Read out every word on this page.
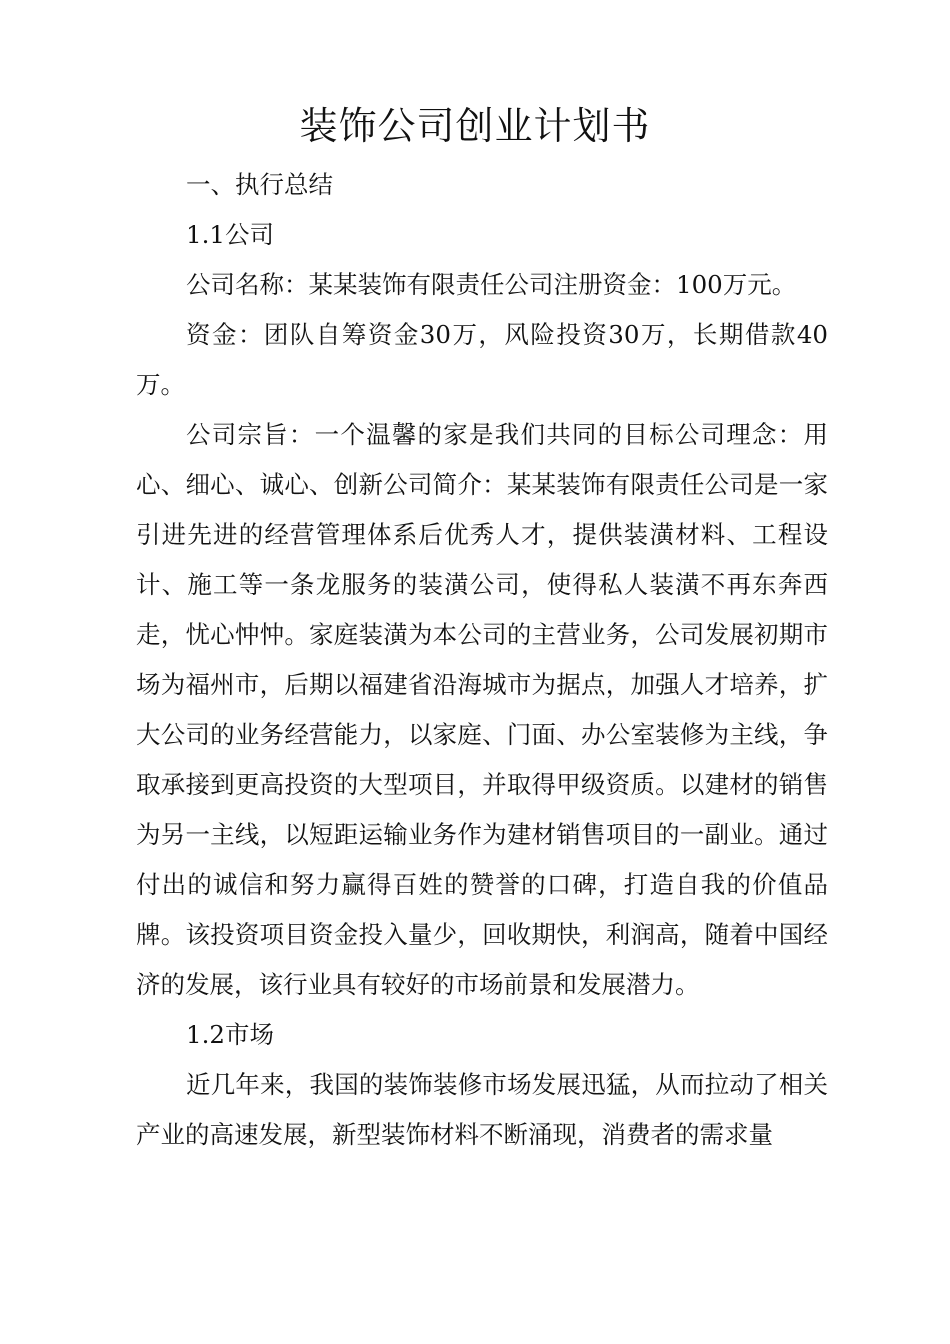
装饰公司创业计划书

一、执行总结

1.1公司

公司名称：某某装饰有限责任公司注册资金：100万元。

资金：团队自筹资金30万，风险投资30万，长期借款40万。

公司宗旨：一个温馨的家是我们共同的目标公司理念：用心、细心、诚心、创新公司简介：某某装饰有限责任公司是一家引进先进的经营管理体系后优秀人才，提供装潢材料、工程设计、施工等一条龙服务的装潢公司，使得私人装潢不再东奔西走，忧心忡忡。家庭装潢为本公司的主营业务，公司发展初期市场为福州市，后期以福建省沿海城市为据点，加强人才培养，扩大公司的业务经营能力，以家庭、门面、办公室装修为主线，争取承接到更高投资的大型项目，并取得甲级资质。以建材的销售为另一主线，以短距运输业务作为建材销售项目的一副业。通过付出的诚信和努力赢得百姓的赞誉的口碑，打造自我的价值品牌。该投资项目资金投入量少，回收期快，利润高，随着中国经济的发展，该行业具有较好的市场前景和发展潜力。

1.2市场

近几年来，我国的装饰装修市场发展迅猛，从而拉动了相关产业的高速发展，新型装饰材料不断涌现，消费者的需求量
